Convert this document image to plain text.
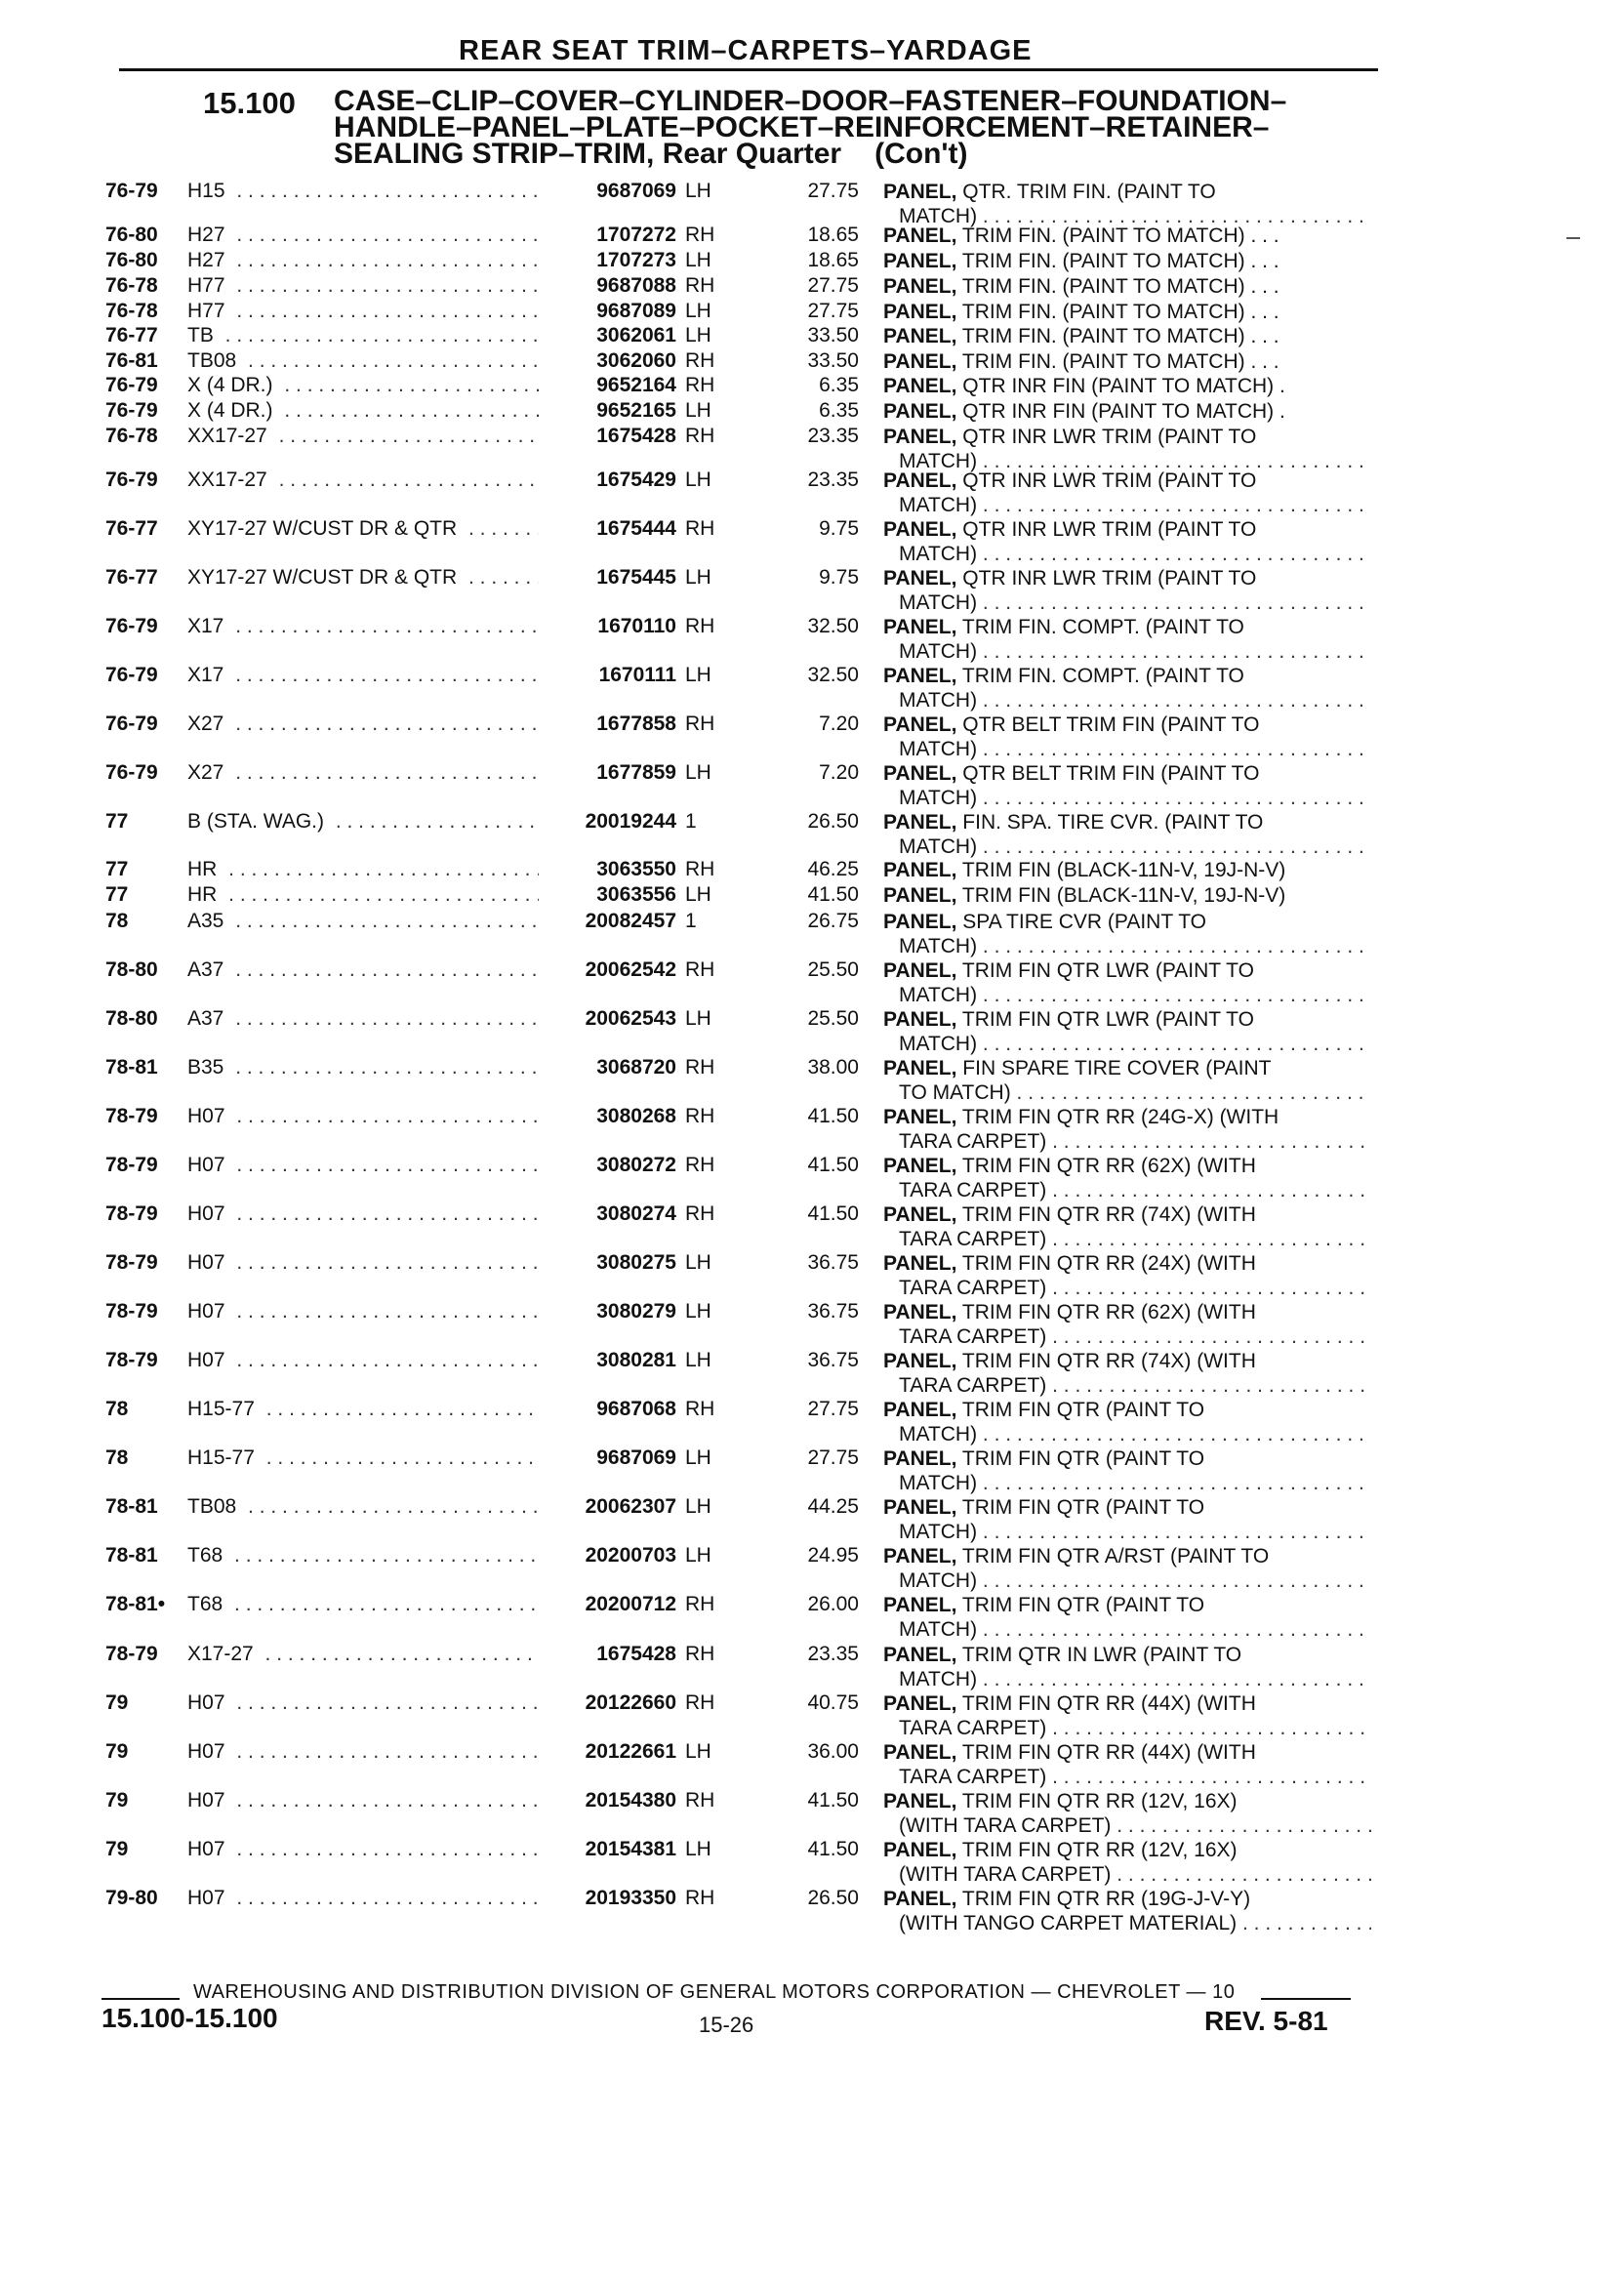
REAR SEAT TRIM–CARPETS–YARDAGE
15.100 CASE–CLIP–COVER–CYLINDER–DOOR–FASTENER–FOUNDATION–
HANDLE–PANEL–PLATE–POCKET–REINFORCEMENT–RETAINER–
SEALING STRIP–TRIM, Rear Quarter (Con't)
76-79 H15 . . .	9687069 LH	27.75 PANEL, QTR. TRIM FIN. (PAINT TO
MATCH) . . .
76-80 H27 . . .	1707272 RH	18.65 PANEL, TRIM FIN. (PAINT TO MATCH) . . .
76-80 H27 . . .	1707273 LH	18.65 PANEL, TRIM FIN. (PAINT TO MATCH) . . .
76-78 H77 . . .	9687088 RH	27.75 PANEL, TRIM FIN. (PAINT TO MATCH) . . .
76-78 H77 . . .	9687089 LH	27.75 PANEL, TRIM FIN. (PAINT TO MATCH) . . .
76-77 TB . . .	3062061 LH	33.50 PANEL, TRIM FIN. (PAINT TO MATCH) . . .
76-81 TB08 . . .	3062060 RH	33.50 PANEL, TRIM FIN. (PAINT TO MATCH) . . .
76-79 X (4 DR.) . . .	9652164 RH	6.35 PANEL, QTR INR FIN (PAINT TO MATCH) .
76-79 X (4 DR.) . . .	9652165 LH	6.35 PANEL, QTR INR FIN (PAINT TO MATCH) .
76-78 XX17-27 . . .	1675428 RH	23.35 PANEL, QTR INR LWR TRIM (PAINT TO
MATCH) . . .
76-79 XX17-27 . . .	1675429 LH	23.35 PANEL, QTR INR LWR TRIM (PAINT TO
MATCH) . . .
76-77 XY17-27 W/CUST DR & QTR . . .	1675444 RH	9.75 PANEL, QTR INR LWR TRIM (PAINT TO
MATCH) . . .
76-77 XY17-27 W/CUST DR & QTR . . .	1675445 LH	9.75 PANEL, QTR INR LWR TRIM (PAINT TO
MATCH) . . .
76-79 X17 . . .	1670110 RH	32.50 PANEL, TRIM FIN. COMPT. (PAINT TO
MATCH) . . .
76-79 X17 . . .	1670111 LH	32.50 PANEL, TRIM FIN. COMPT. (PAINT TO
MATCH) . . .
76-79 X27 . . .	1677858 RH	7.20 PANEL, QTR BELT TRIM FIN (PAINT TO
MATCH) . . .
76-79 X27 . . .	1677859 LH	7.20 PANEL, QTR BELT TRIM FIN (PAINT TO
MATCH) . . .
77	B (STA. WAG.) . . .	20019244 1	26.50 PANEL, FIN. SPA. TIRE CVR. (PAINT TO
MATCH) . . .
77	HR . . .	3063550 RH	46.25 PANEL, TRIM FIN (BLACK-11N-V, 19J-N-V)
77	HR . . .	3063556 LH	41.50 PANEL, TRIM FIN (BLACK-11N-V, 19J-N-V)
78	A35 . . .	20082457 1	26.75 PANEL, SPA TIRE CVR (PAINT TO
MATCH) . . .
78-80 A37 . . .	20062542 RH	25.50 PANEL, TRIM FIN QTR LWR (PAINT TO
MATCH) . . .
78-80 A37 . . .	20062543 LH	25.50 PANEL, TRIM FIN QTR LWR (PAINT TO
MATCH) . . .
78-81 B35 . . .	3068720 RH	38.00 PANEL, FIN SPARE TIRE COVER (PAINT
TO MATCH) . . .
78-79 H07 . . .	3080268 RH	41.50 PANEL, TRIM FIN QTR RR (24G-X) (WITH
TARA CARPET) . . .
78-79 H07 . . .	3080272 RH	41.50 PANEL, TRIM FIN QTR RR (62X) (WITH
TARA CARPET) . . .
78-79 H07 . . .	3080274 RH	41.50 PANEL, TRIM FIN QTR RR (74X) (WITH
TARA CARPET) . . .
78-79 H07 . . .	3080275 LH	36.75 PANEL, TRIM FIN QTR RR (24X) (WITH
TARA CARPET) . . .
78-79 H07 . . .	3080279 LH	36.75 PANEL, TRIM FIN QTR RR (62X) (WITH
TARA CARPET) . . .
78-79 H07 . . .	3080281 LH	36.75 PANEL, TRIM FIN QTR RR (74X) (WITH
TARA CARPET) . . .
78	H15-77 . . .	9687068 RH	27.75 PANEL, TRIM FIN QTR (PAINT TO
MATCH) . . .
78	H15-77 . . .	9687069 LH	27.75 PANEL, TRIM FIN QTR (PAINT TO
MATCH) . . .
78-81 TB08 . . .	20062307 LH	44.25 PANEL, TRIM FIN QTR (PAINT TO
MATCH) . . .
78-81 T68 . . .	20200703 LH	24.95 PANEL, TRIM FIN QTR A/RST (PAINT TO
MATCH) . . .
78-81• T68 . . .	20200712 RH	26.00 PANEL, TRIM FIN QTR (PAINT TO
MATCH) . . .
78-79 X17-27 . . .	1675428 RH	23.35 PANEL, TRIM QTR IN LWR (PAINT TO
MATCH) . . .
79	H07 . . .	20122660 RH	40.75 PANEL, TRIM FIN QTR RR (44X) (WITH
TARA CARPET) . . .
79	H07 . . .	20122661 LH	36.00 PANEL, TRIM FIN QTR RR (44X) (WITH
TARA CARPET) . . .
79	H07 . . .	20154380 RH	41.50 PANEL, TRIM FIN QTR RR (12V, 16X)
(WITH TARA CARPET) . . .
79	H07 . . .	20154381 LH	41.50 PANEL, TRIM FIN QTR RR (12V, 16X)
(WITH TARA CARPET) . . .
79-80 H07 . . .	20193350 RH	26.50 PANEL, TRIM FIN QTR RR (19G-J-V-Y)
(WITH TANGO CARPET MATERIAL) . . .
WAREHOUSING AND DISTRIBUTION DIVISION OF GENERAL MOTORS CORPORATION — CHEVROLET — 10
15.100-15.100	15-26	REV. 5-81
